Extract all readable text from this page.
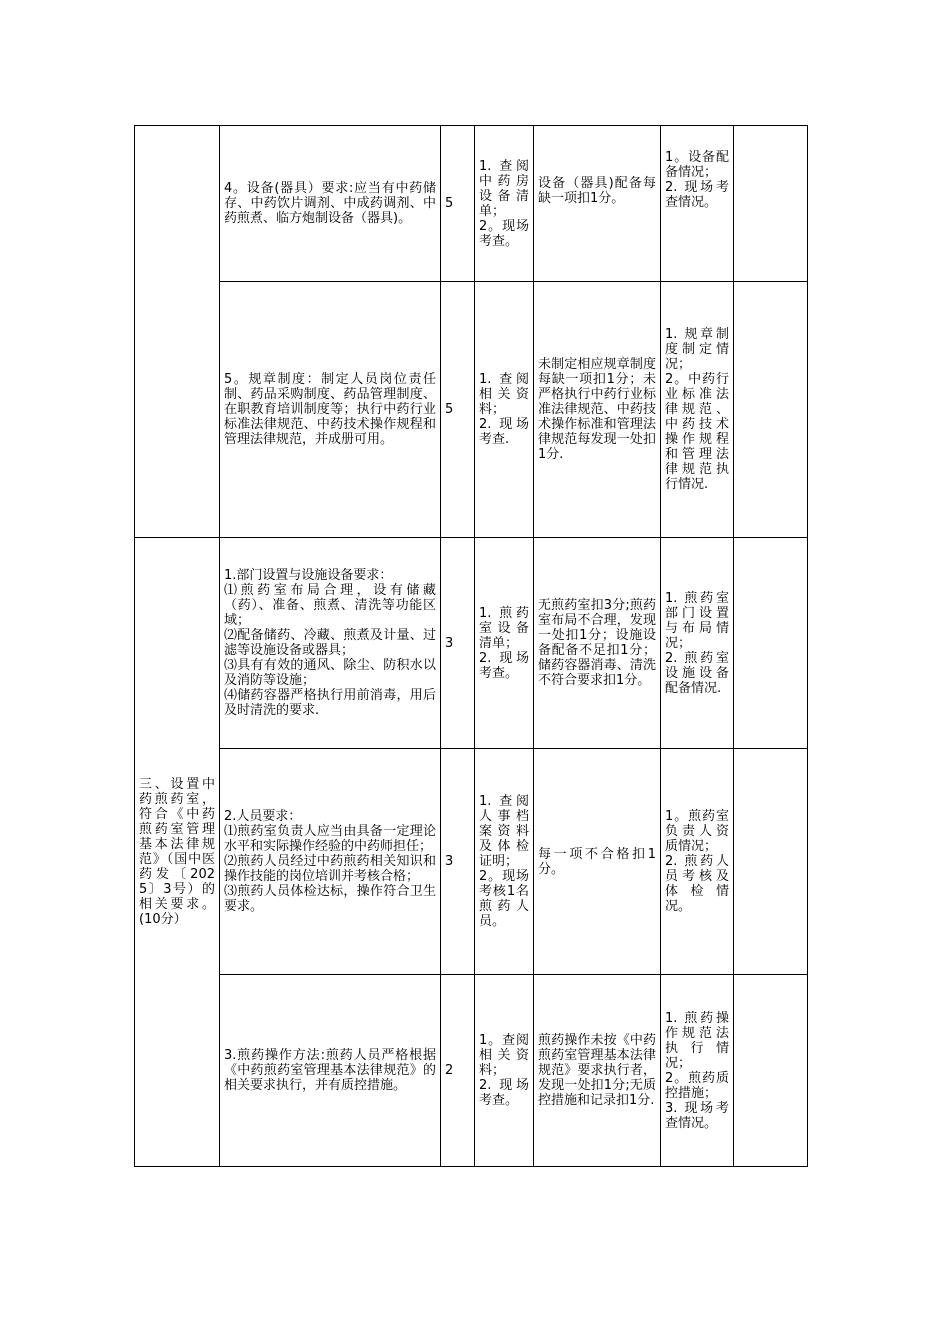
	4。设备(器具）要求:应当有中药储存、中药饮片调剂、中成药调剂、中药煎煮、临方炮制设备（器具)。	5	1. 查阅中药房设备清单；
2。现场考查。	设备（器具)配备每缺一项扣1分。	1。设备配备情况；
2. 现场考查情况。	
	5。规章制度：制定人员岗位责任制、药品采购制度、药品管理制度、在职教育培训制度等；执行中药行业标准法律规范、中药技术操作规程和管理法律规范，并成册可用。	5	1. 查阅相关资料；
2. 现场考查.	未制定相应规章制度每缺一项扣1分；未严格执行中药行业标准法律规范、中药技术操作标准和管理法律规范每发现一处扣1分.	1. 规章制度制定情况；
2。中药行业标准法律规范、中药技术操作规程和管理法律规范执行情况.	
三、设置中药煎药室，符合《中药煎药室管理基本法律规范》（国中医药发〔2025〕3号）的相关要求。(10分）	1.部门设置与设施设备要求：
⑴煎药室布局合理，设有储藏（药）、准备、煎煮、清洗等功能区域；
⑵配备储药、冷藏、煎煮及计量、过滤等设施设备或器具；
⑶具有有效的通风、除尘、防积水以及消防等设施；
⑷储药容器严格执行用前消毒，用后及时清洗的要求.	3	1. 煎药室设备清单；
2. 现场考查。	无煎药室扣3分;煎药室布局不合理，发现一处扣1分；设施设备配备不足扣1分；储药容器消毒、清洗不符合要求扣1分。	1. 煎药室部门设置与布局情况；
2. 煎药室设施设备配备情况.	
	2.人员要求：
⑴煎药室负责人应当由具备一定理论水平和实际操作经验的中药师担任；
⑵煎药人员经过中药煎药相关知识和操作技能的岗位培训并考核合格；
⑶煎药人员体检达标，操作符合卫生要求。	3	1. 查阅人事档案资料及体检证明；
2。现场考核1名煎药人员。	每一项不合格扣1分。	1。煎药室负责人资质情况；
2. 煎药人员考核及体检情况。	
	3.煎药操作方法:煎药人员严格根据《中药煎药室管理基本法律规范》的相关要求执行，并有质控措施。	2	1。查阅相关资料；
2. 现场考查。	煎药操作未按《中药煎药室管理基本法律规范》要求执行者，发现一处扣1分;无质控措施和记录扣1分.	1. 煎药操作规范法执行情况；
2。煎药质控措施；
3. 现场考查情况。	
